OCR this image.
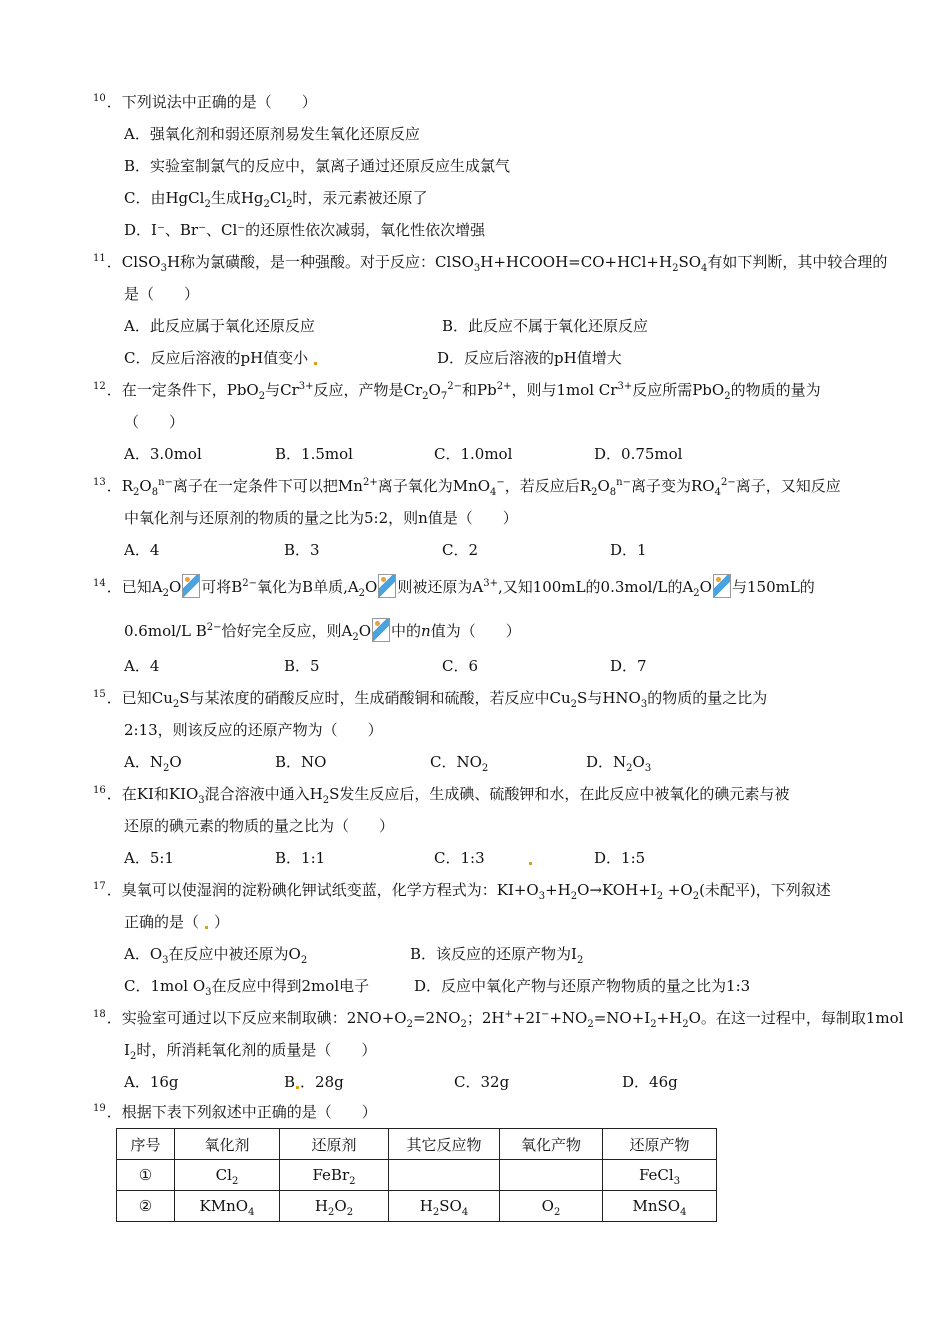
$^{10}$．下列说法中正确的是（　　）
A．强氧化剂和弱还原剂易发生氧化还原反应
B．实验室制氯气的反应中，氯离子通过还原反应生成氯气
C．由HgCl$_2$生成$Hg_2Cl_2$时，汞元素被还原了
D．I⁻、Br⁻、Cl⁻的还原性依次减弱，氧化性依次增强
$^{11}$．ClSO$_3$H称为氯磺酸，是一种强酸。对于反应：$ClSO_3H+HCOOH=CO+HCl+H_2SO_4$有如下判断，其中较合理的
是（　　）
A．此反应属于氧化还原反应	B．此反应不属于氧化还原反应
C．反应后溶液的pH值变小	D．反应后溶液的pH值增大
$^{12}$．在一定条件下，PbO$_2$与$Cr^{3+}$反应，产物是$Cr_2O_7^{2-}$和$Pb^{2+}$，则与1mol $Cr^{3+}$反应所需PbO$_2$的物质的量为
（　　）
A．3.0mol	B．1.5mol	C．1.0mol	D．0.75mol
$^{13}$．$R_2O_8^{n-}$离子在一定条件下可以把$Mn^{2+}$离子氧化为MnO$_4$−，若反应后$R_2O_8^{n-}$离子变为$RO_4^{2-}$离子，又知反应
中氧化剂与还原剂的物质的量之比为5:2，则n值是（　　）
A．4	B．3	C．2	D．1
$^{14}$．已知$A_2O$ 可将$B^{2-}$氧化为B单质$,A_2O$ 则被还原为$A^{3+}$,又知100mL的0.3mol/L的$A_2O$ 与150mL的
0.6mol/L $B^{2-}$恰好完全反应，则$A_2O$ 中的n值为（　　）
A．4	B．5	C．6	D．7
$^{15}$．已知$Cu_2S$与某浓度的硝酸反应时，生成硝酸铜和硫酸，若反应中$Cu_2S$与$HNO_3$的物质的量之比为
2:13，则该反应的还原产物为（　　）
A．$N_2O$	B．NO	C．$NO_2$	D．$N_2O_3$
$^{16}$．在KI和$KIO_3$混合溶液中通入$H_2S$发生反应后，生成碘、硫酸钾和水，在此反应中被氧化的碘元素与被
还原的碘元素的物质的量之比为（　　）
A．5:1	B．1:1	C．1:3	D．1:5
$^{17}$．臭氧可以使湿润的淀粉碘化钾试纸变蓝，化学方程式为：$KI+O_3+H_2O\to KOH+I_2 +O_2$(未配平)，下列叙述
正确的是（ ）
A．$O_3$在反应中被还原为$O_2$	B．该反应的还原产物为$I_2$
C．1mol $O_3$在反应中得到2mol电子	D．反应中氧化产物与还原产物物质的量之比为1:3
$^{18}$．实验室可通过以下反应来制取碘：$2NO+O_2=2NO_2$；$2H^++2I^-+NO_2=NO+I_2+H_2O$。在这一过程中，每制取1mol
$I_2$时，所消耗氧化剂的质量是（　　）
A．16g	B ．28g	C．32g	D．46g
$^{19}$．根据下表下列叙述中正确的是（　　）
序号	氧化剂	还原剂	其它反应物	氧化产物	还原产物
①	$Cl_2$	FeBr$_2$			FeCl$_3$
②	KMnO$_4$	$H_2O_2$	$H_2SO_4$	$O_2$	MnSO$_4$
